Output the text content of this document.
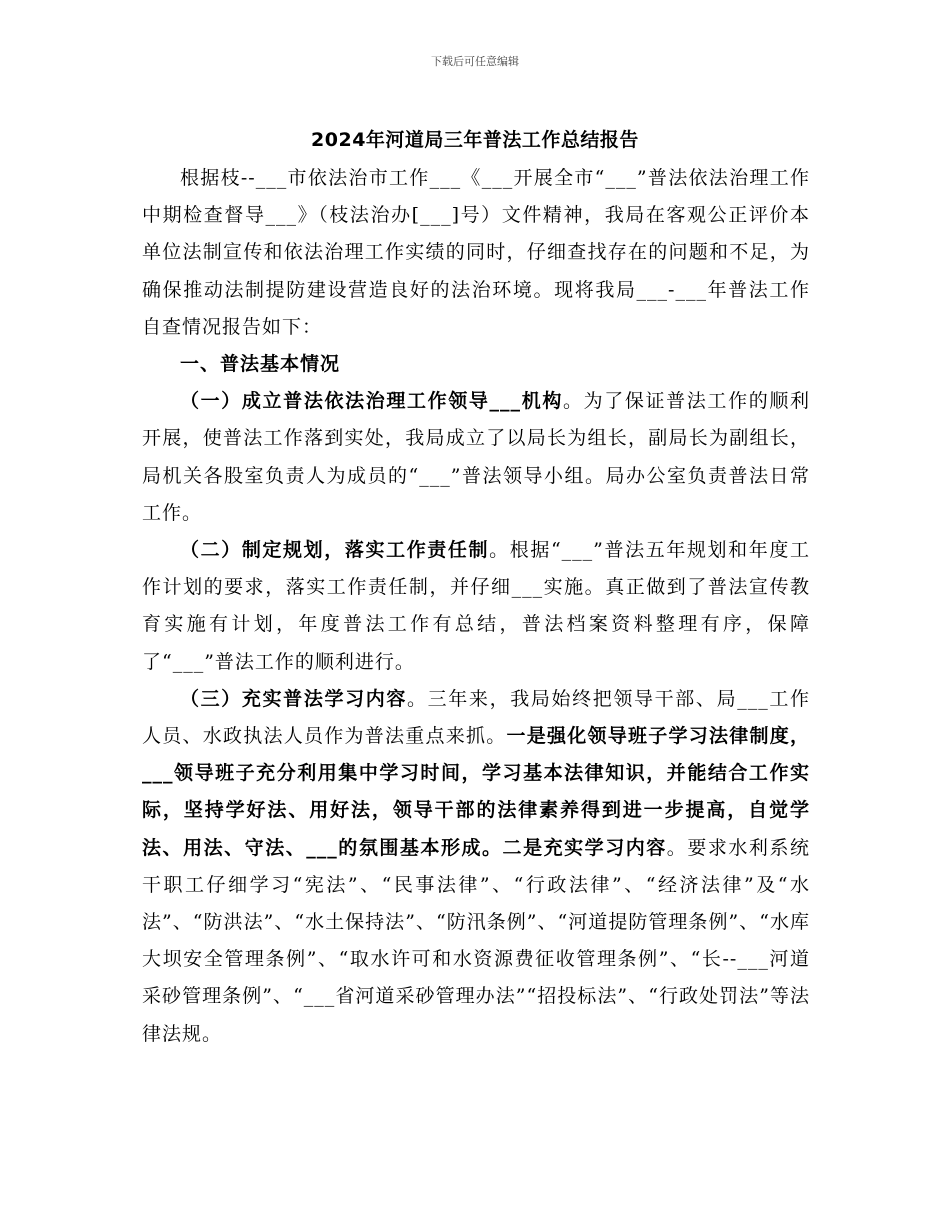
下载后可任意编辑
2024年河道局三年普法工作总结报告

根据枝--___市依法治市工作___《___开展全市“___”普法依法治理工作中期检查督导___》（枝法治办[___]号）文件精神，我局在客观公正评价本单位法制宣传和依法治理工作实绩的同时，仔细查找存在的问题和不足，为确保推动法制提防建设营造良好的法治环境。现将我局___-___年普法工作自查情况报告如下：

一、普法基本情况

（一）成立普法依法治理工作领导___机构。为了保证普法工作的顺利开展，使普法工作落到实处，我局成立了以局长为组长，副局长为副组长，局机关各股室负责人为成员的“___”普法领导小组。局办公室负责普法日常工作。

（二）制定规划，落实工作责任制。根据“___”普法五年规划和年度工作计划的要求，落实工作责任制，并仔细___实施。真正做到了普法宣传教育实施有计划，年度普法工作有总结，普法档案资料整理有序，保障了“___”普法工作的顺利进行。

（三）充实普法学习内容。三年来，我局始终把领导干部、局___工作人员、水政执法人员作为普法重点来抓。一是强化领导班子学习法律制度，___领导班子充分利用集中学习时间，学习基本法律知识，并能结合工作实际，坚持学好法、用好法，领导干部的法律素养得到进一步提高，自觉学法、用法、守法、___的氛围基本形成。二是充实学习内容。要求水利系统干职工仔细学习“宪法”、“民事法律”、“行政法律”、“经济法律”及“水法”、“防洪法”、“水土保持法”、“防汛条例”、“河道提防管理条例”、“水库大坝安全管理条例”、“取水许可和水资源费征收管理条例”、“长--___河道采砂管理条例”、“___省河道采砂管理办法”“招投标法”、“行政处罚法”等法律法规。
